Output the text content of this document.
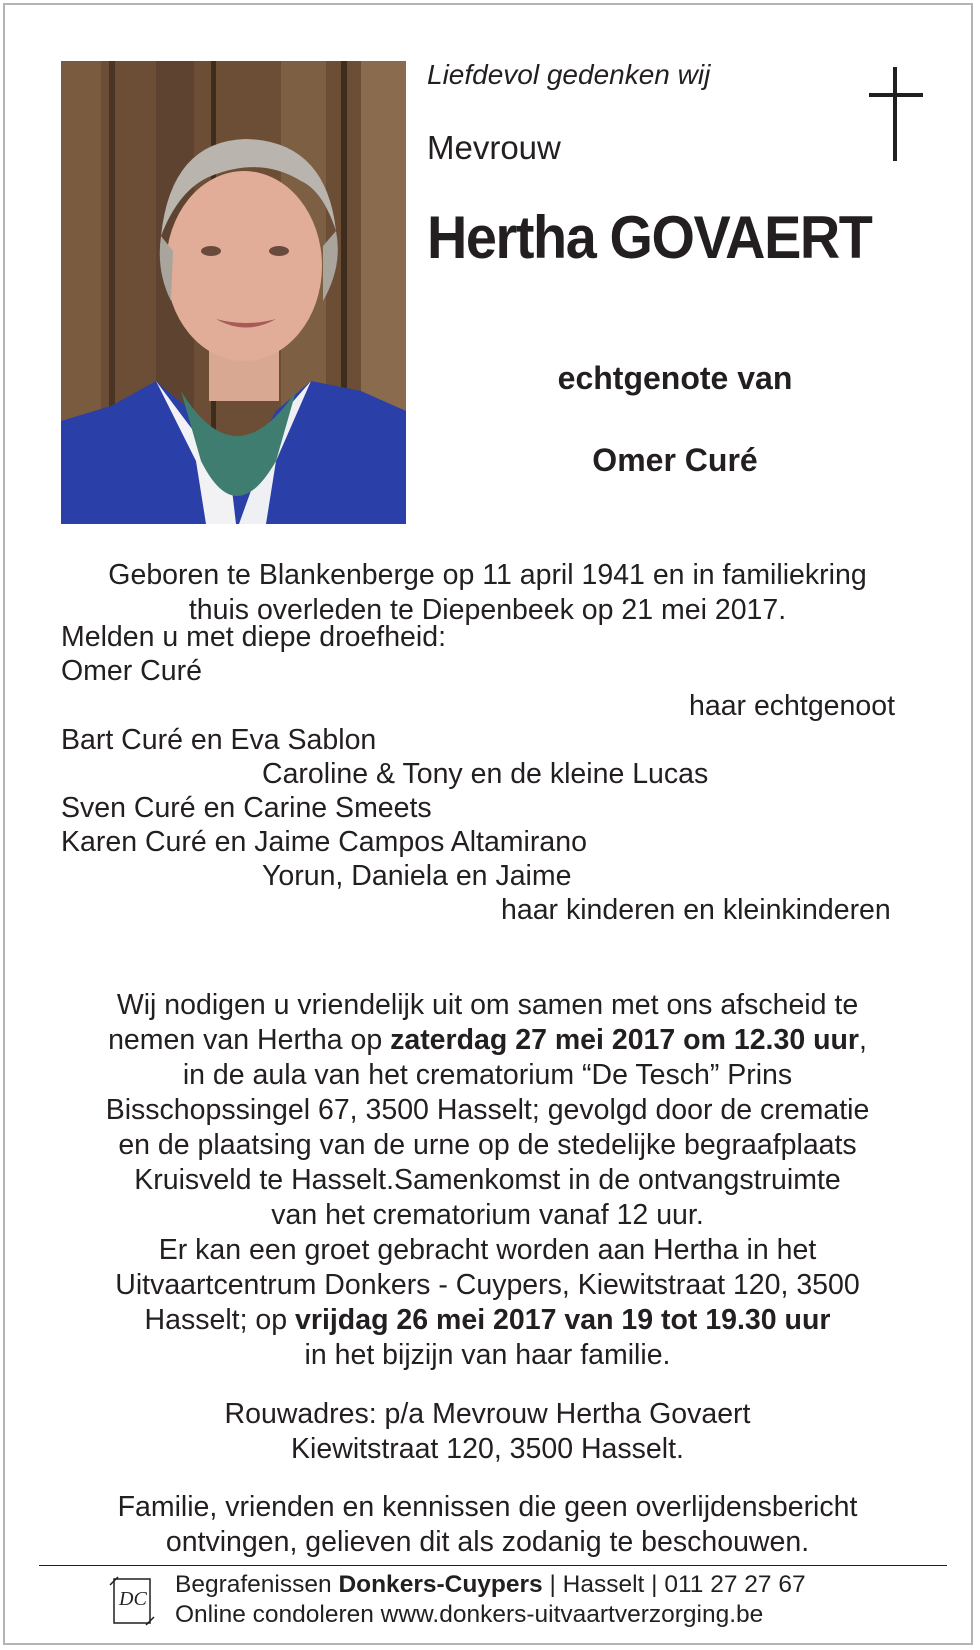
Liefdevol gedenken wij

Mevrouw

Hertha GOVAERT

echtgenote van

Omer Curé

Geboren te Blankenberge op 11 april 1941 en in familiekring
thuis overleden te Diepenbeek op 21 mei 2017.

Melden u met diepe droefheid:

Omer Curé

haar echtgenoot

Bart Curé en Eva Sablon

Caroline & Tony en de kleine Lucas

Sven Curé en Carine Smeets

Karen Curé en Jaime Campos Altamirano

Yorun, Daniela en Jaime

haar kinderen en kleinkinderen

Wij nodigen u vriendelijk uit om samen met ons afscheid te
nemen van Hertha op zaterdag 27 mei 2017 om 12.30 uur,
in de aula van het crematorium “De Tesch” Prins
Bisschopssingel 67, 3500 Hasselt; gevolgd door de crematie
en de plaatsing van de urne op de stedelijke begraafplaats
Kruisveld te Hasselt.Samenkomst in de ontvangstruimte
van het crematorium vanaf 12 uur.
Er kan een groet gebracht worden aan Hertha in het
Uitvaartcentrum Donkers - Cuypers, Kiewitstraat 120, 3500
Hasselt; op vrijdag 26 mei 2017 van 19 tot 19.30 uur
in het bijzijn van haar familie.
Rouwadres: p/a Mevrouw Hertha Govaert
Kiewitstraat 120, 3500 Hasselt.
Familie, vrienden en kennissen die geen overlijdensbericht
ontvingen, gelieven dit als zodanig te beschouwen.
DC

Begrafenissen Donkers-Cuypers | Hasselt | 011 27 27 67

Online condoleren www.donkers-uitvaartverzorging.be
